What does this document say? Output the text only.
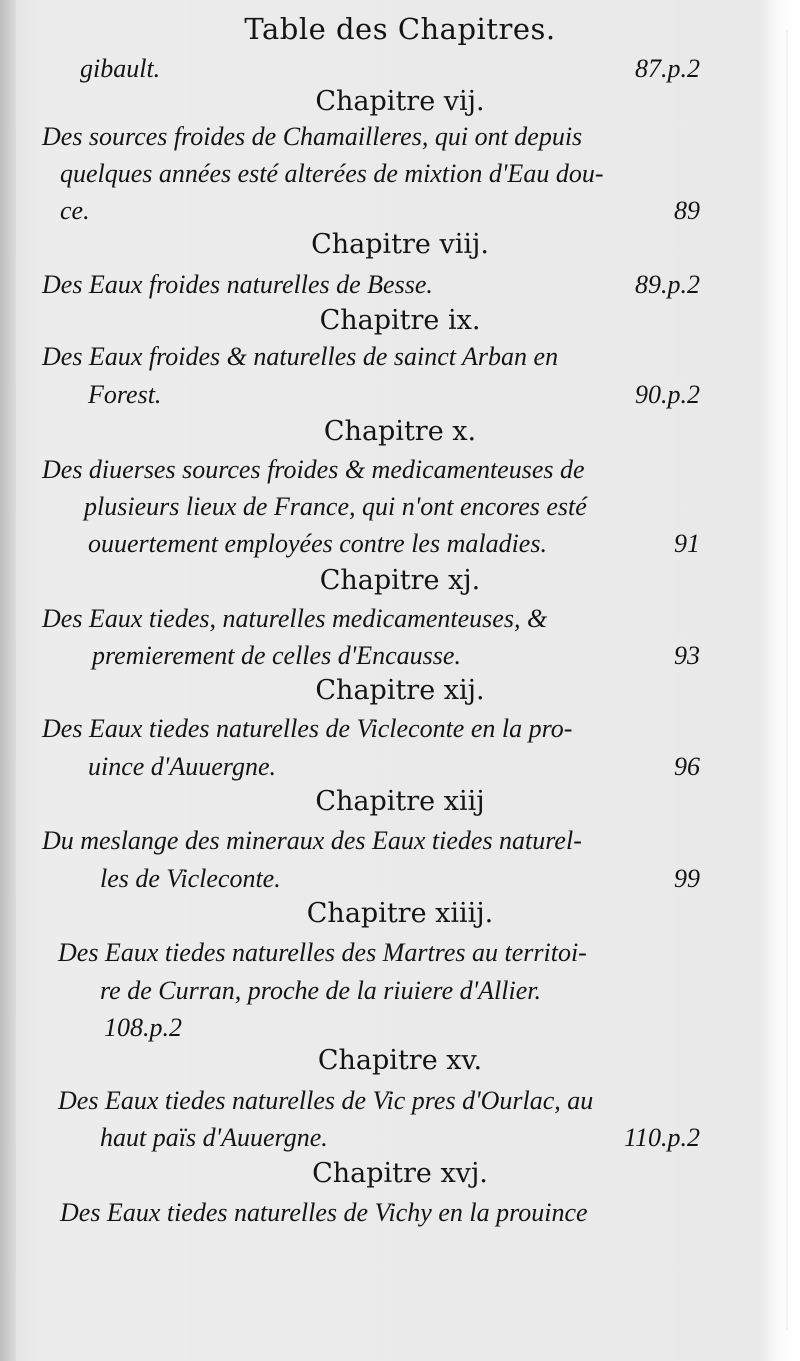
Table des Chapitres.
gibault.	87.p.2
Chapitre vij.
Des sources froides de Chamailleres, qui ont depuis
quelques années esté alterées de mixtion d'Eau dou-
ce.	89
Chapitre viij.
Des Eaux froides naturelles de Besse.	89.p.2
Chapitre ix.
Des Eaux froides & naturelles de sainct Arban en
Forest.	90.p.2
Chapitre x.
Des diuerses sources froides & medicamenteuses de
plusieurs lieux de France, qui n'ont encores esté
ouuertement employées contre les maladies.	91
Chapitre xj.
Des Eaux tiedes, naturelles medicamenteuses, &
premierement de celles d'Encausse.	93
Chapitre xij.
Des Eaux tiedes naturelles de Vicleconte en la pro-
uince d'Auuergne.	96
Chapitre xiij
Du meslange des mineraux des Eaux tiedes naturel-
les de Vicleconte.	99
Chapitre xiiij.
Des Eaux tiedes naturelles des Martres au territoi-
re de Curran, proche de la riuiere d'Allier.
108.p.2
Chapitre xv.
Des Eaux tiedes naturelles de Vic pres d'Ourlac, au
haut païs d'Auuergne.	110.p.2
Chapitre xvj.
Des Eaux tiedes naturelles de Vichy en la prouince
